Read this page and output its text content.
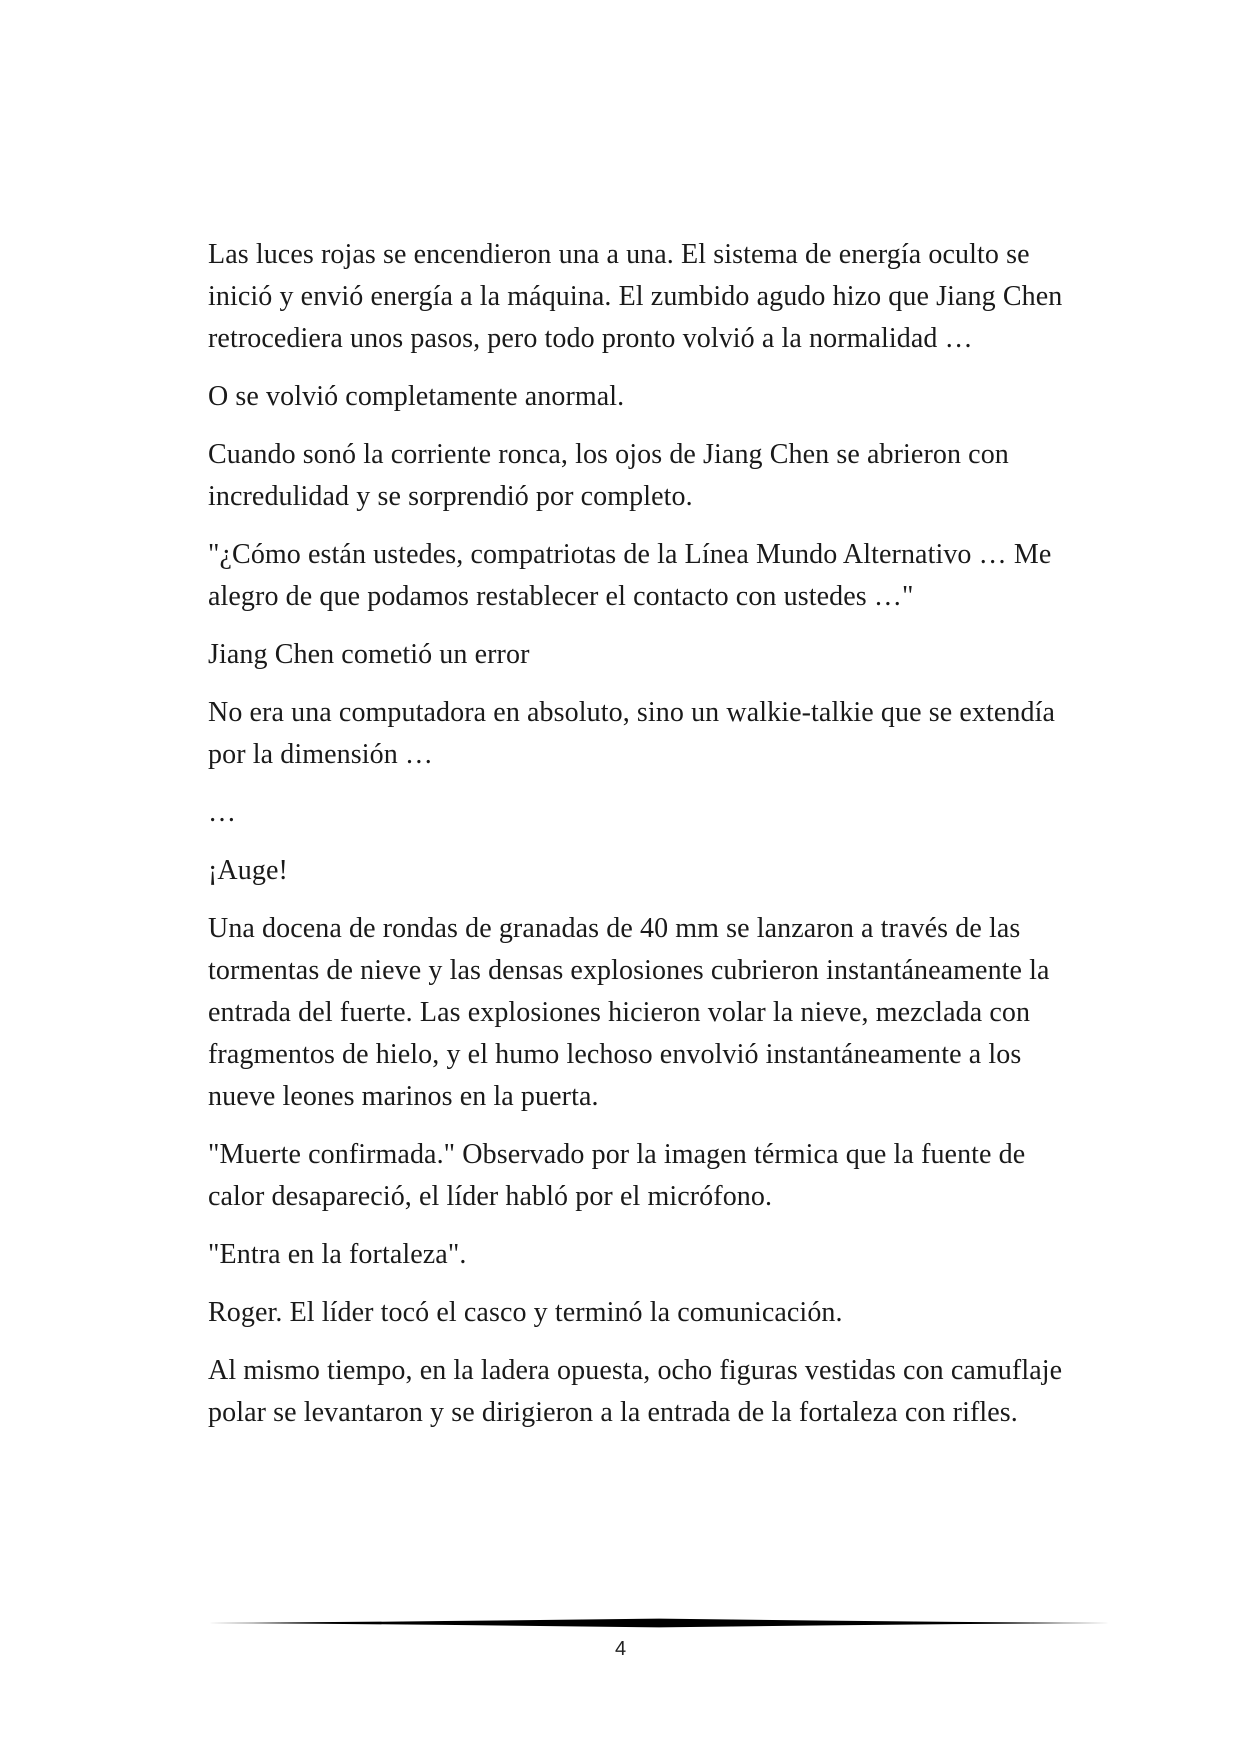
Las luces rojas se encendieron una a una. El sistema de energía oculto se inició y envió energía a la máquina. El zumbido agudo hizo que Jiang Chen retrocediera unos pasos, pero todo pronto volvió a la normalidad …

O se volvió completamente anormal.

Cuando sonó la corriente ronca, los ojos de Jiang Chen se abrieron con incredulidad y se sorprendió por completo.

"¿Cómo están ustedes, compatriotas de la Línea Mundo Alternativo … Me alegro de que podamos restablecer el contacto con ustedes …"

Jiang Chen cometió un error

No era una computadora en absoluto, sino un walkie-talkie que se extendía por la dimensión …

…

¡Auge!

Una docena de rondas de granadas de 40 mm se lanzaron a través de las tormentas de nieve y las densas explosiones cubrieron instantáneamente la entrada del fuerte. Las explosiones hicieron volar la nieve, mezclada con fragmentos de hielo, y el humo lechoso envolvió instantáneamente a los nueve leones marinos en la puerta.

"Muerte confirmada." Observado por la imagen térmica que la fuente de calor desapareció, el líder habló por el micrófono.

"Entra en la fortaleza".

Roger. El líder tocó el casco y terminó la comunicación.

Al mismo tiempo, en la ladera opuesta, ocho figuras vestidas con camuflaje polar se levantaron y se dirigieron a la entrada de la fortaleza con rifles.

4
